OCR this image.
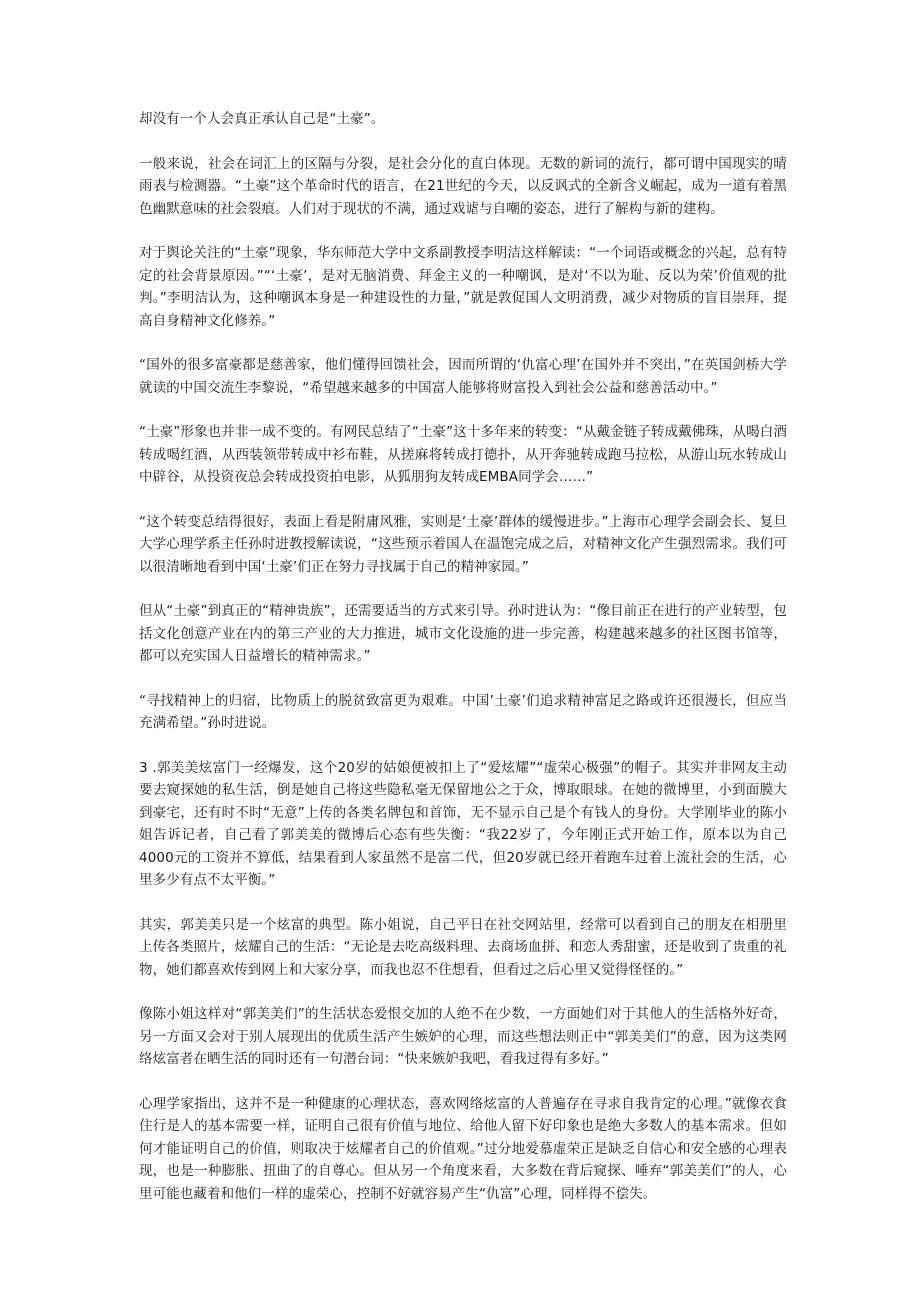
却没有一个人会真正承认自己是“土豪”。

一般来说，社会在词汇上的区隔与分裂，是社会分化的直白体现。无数的新词的流行，都可谓中国现实的晴雨表与检测器。“土豪”这个革命时代的语言，在21世纪的今天，以反讽式的全新含义崛起，成为一道有着黑色幽默意味的社会裂痕。人们对于现状的不满，通过戏谑与自嘲的姿态，进行了解构与新的建构。

对于舆论关注的“土豪”现象，华东师范大学中文系副教授李明洁这样解读：“一个词语或概念的兴起，总有特定的社会背景原因。”“‘土豪’，是对无脑消费、拜金主义的一种嘲讽，是对‘不以为耻、反以为荣’价值观的批判。”李明洁认为，这种嘲讽本身是一种建设性的力量，”就是敦促国人文明消费，减少对物质的盲目崇拜，提高自身精神文化修养。”

“国外的很多富豪都是慈善家，他们懂得回馈社会，因而所谓的‘仇富心理’在国外并不突出，”在英国剑桥大学就读的中国交流生李黎说，“希望越来越多的中国富人能够将财富投入到社会公益和慈善活动中。”

“土豪”形象也并非一成不变的。有网民总结了“土豪”这十多年来的转变：“从戴金链子转成戴佛珠，从喝白酒转成喝红酒，从西装领带转成中衫布鞋，从搓麻将转成打德扑，从开奔驰转成跑马拉松，从游山玩水转成山中辟谷，从投资夜总会转成投资拍电影，从狐朋狗友转成EMBA同学会……”

“这个转变总结得很好，表面上看是附庸风雅，实则是‘土豪’群体的缓慢进步。”上海市心理学会副会长、复旦大学心理学系主任孙时进教授解读说，“这些预示着国人在温饱完成之后，对精神文化产生强烈需求。我们可以很清晰地看到中国‘土豪’们正在努力寻找属于自己的精神家园。”

但从“土豪”到真正的“精神贵族”，还需要适当的方式来引导。孙时进认为：“像目前正在进行的产业转型，包括文化创意产业在内的第三产业的大力推进，城市文化设施的进一步完善，构建越来越多的社区图书馆等，都可以充实国人日益增长的精神需求。”

“寻找精神上的归宿，比物质上的脱贫致富更为艰难。中国’土豪’们追求精神富足之路或许还很漫长，但应当充满希望。”孙时进说。

3 .郭美美炫富门一经爆发，这个20岁的姑娘便被扣上了“爱炫耀”“虚荣心极强”的帽子。其实并非网友主动要去窥探她的私生活，倒是她自己将这些隐私毫无保留地公之于众，博取眼球。在她的微博里，小到面膜大到豪宅，还有时不时“无意”上传的各类名牌包和首饰，无不显示自己是个有钱人的身份。大学刚毕业的陈小姐告诉记者，自己看了郭美美的微博后心态有些失衡：“我22岁了，今年刚正式开始工作，原本以为自己4000元的工资并不算低，结果看到人家虽然不是富二代，但20岁就已经开着跑车过着上流社会的生活，心里多少有点不太平衡。”

其实，郭美美只是一个炫富的典型。陈小姐说，自己平日在社交网站里，经常可以看到自己的朋友在相册里上传各类照片，炫耀自己的生活：“无论是去吃高级料理、去商场血拼、和恋人秀甜蜜，还是收到了贵重的礼物，她们都喜欢传到网上和大家分享，而我也忍不住想看，但看过之后心里又觉得怪怪的。”

像陈小姐这样对“郭美美们”的生活状态爱恨交加的人绝不在少数，一方面她们对于其他人的生活格外好奇，另一方面又会对于别人展现出的优质生活产生嫉妒的心理，而这些想法则正中“郭美美们”的意，因为这类网络炫富者在晒生活的同时还有一句潜台词：“快来嫉妒我吧，看我过得有多好。”

心理学家指出，这并不是一种健康的心理状态，喜欢网络炫富的人普遍存在寻求自我肯定的心理。”就像衣食住行是人的基本需要一样，证明自己很有价值与地位、给他人留下好印象也是绝大多数人的基本需求。但如何才能证明自己的价值，则取决于炫耀者自己的价值观。”过分地爱慕虚荣正是缺乏自信心和安全感的心理表现，也是一种膨胀、扭曲了的自尊心。但从另一个角度来看，大多数在背后窥探、唾弃“郭美美们”的人，心里可能也藏着和他们一样的虚荣心，控制不好就容易产生“仇富”心理，同样得不偿失。
